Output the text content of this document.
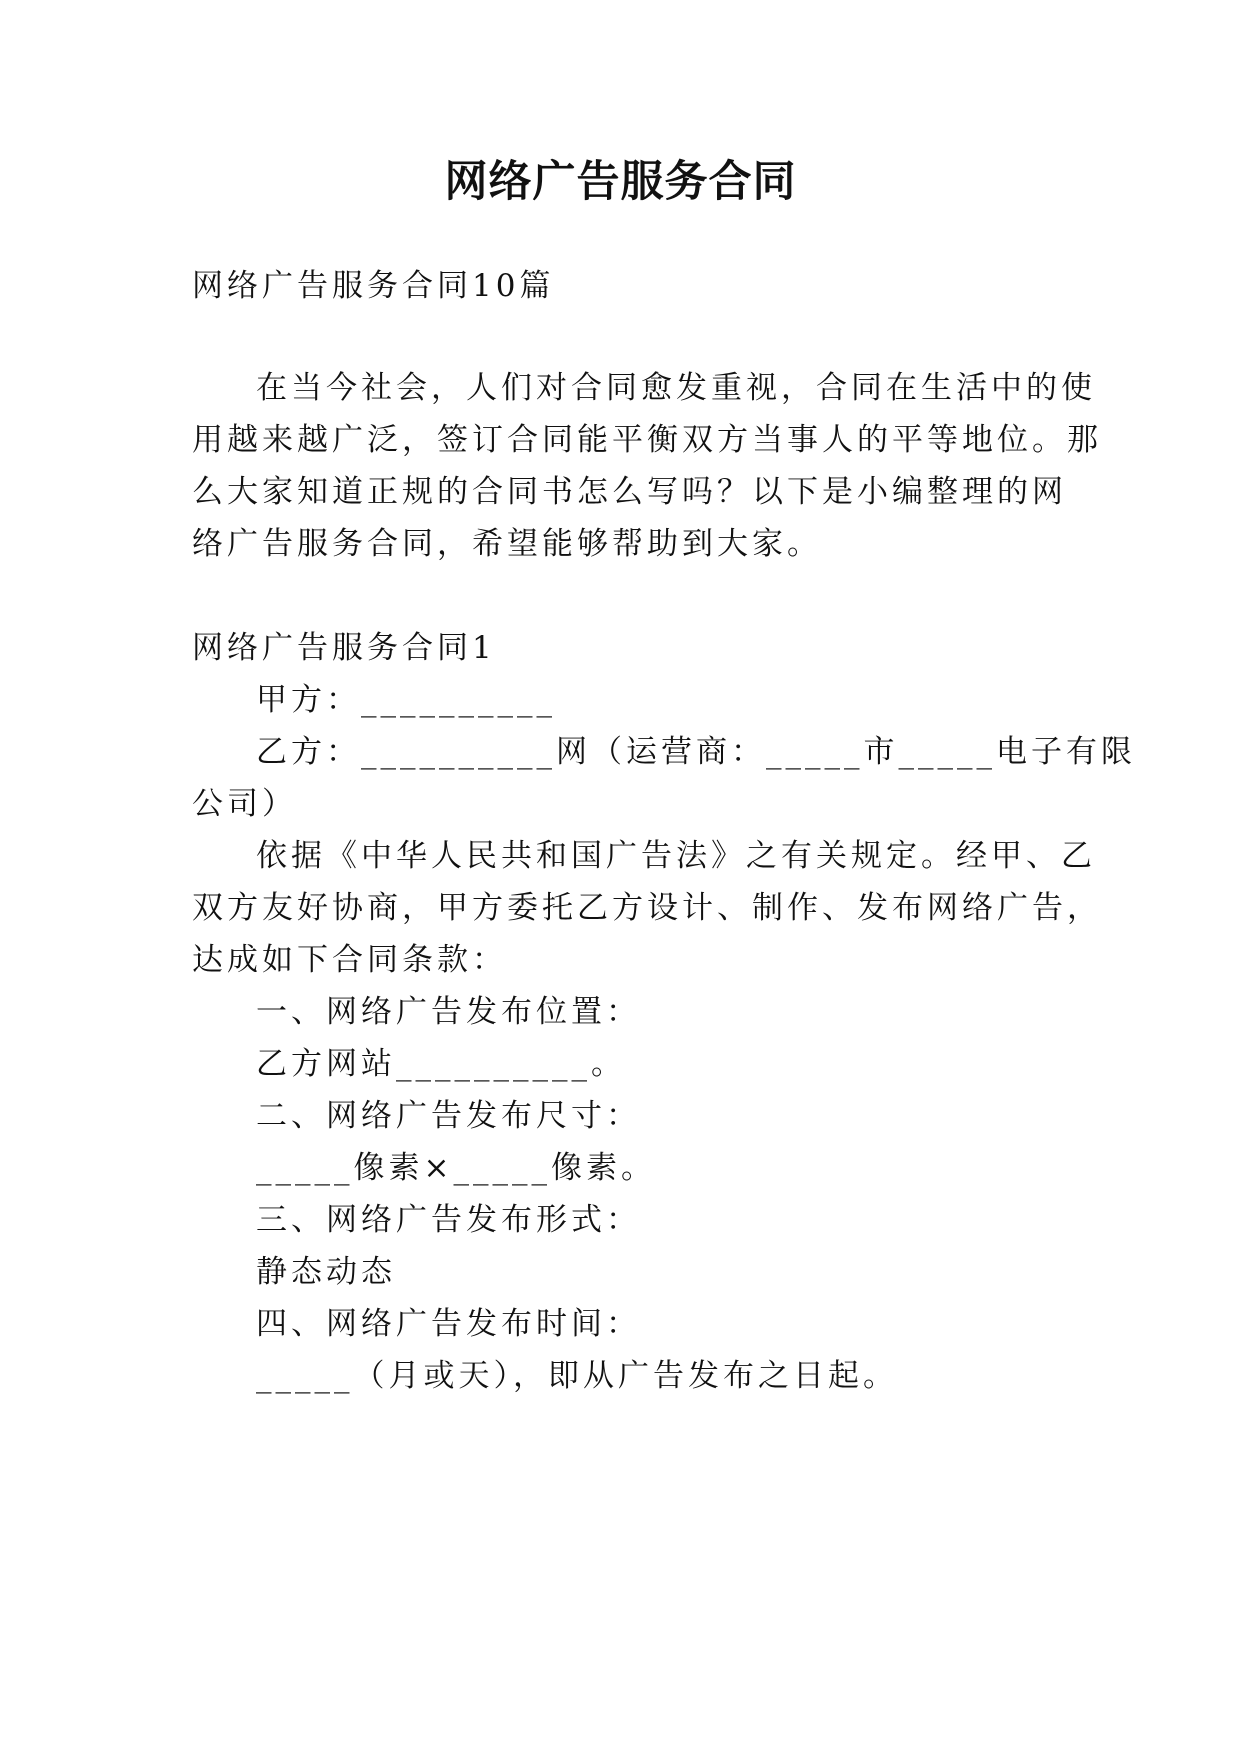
网络广告服务合同
网络广告服务合同10篇
在当今社会，人们对合同愈发重视，合同在生活中的使
用越来越广泛，签订合同能平衡双方当事人的平等地位。那
么大家知道正规的合同书怎么写吗？以下是小编整理的网
络广告服务合同，希望能够帮助到大家。
网络广告服务合同1
甲方：__________
乙方：__________网（运营商：_____市_____电子有限
公司）
依据《中华人民共和国广告法》之有关规定。经甲、乙
双方友好协商，甲方委托乙方设计、制作、发布网络广告，
达成如下合同条款：
一、网络广告发布位置：
乙方网站__________。
二、网络广告发布尺寸：
_____像素×_____像素。
三、网络广告发布形式：
静态动态
四、网络广告发布时间：
_____（月或天），即从广告发布之日起。
